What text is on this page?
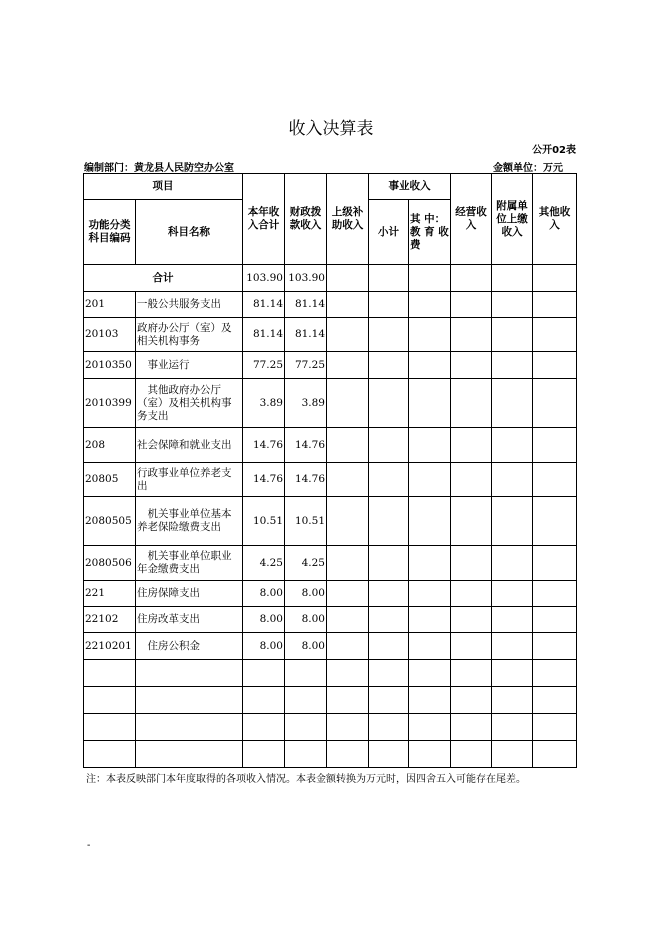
收入决算表
公开02表
编制部门：黄龙县人民防空办公室	金额单位：万元
项目		本年收入合计	财政拨款收入	上级补助收入	事业收入		经营收入	附属单位上缴收入	其他收入
功能分类科目编码	科目名称				小计	其 中：教 育 收费			
合计		103.90	103.90						
201	一般公共服务支出	81.14	81.14						
20103	政府办公厅（室）及相关机构事务	81.14	81.14						
2010350	　事业运行	77.25	77.25						
2010399	　其他政府办公厅（室）及相关机构事务支出	3.89	3.89						
208	社会保障和就业支出	14.76	14.76						
20805	行政事业单位养老支出	14.76	14.76						
2080505	　机关事业单位基本养老保险缴费支出	10.51	10.51						
2080506	　机关事业单位职业年金缴费支出	4.25	4.25						
221	住房保障支出	8.00	8.00						
22102	住房改革支出	8.00	8.00						
2210201	　住房公积金	8.00	8.00						

注：本表反映部门本年度取得的各项收入情况。本表金额转换为万元时，因四舍五入可能存在尾差。
-
